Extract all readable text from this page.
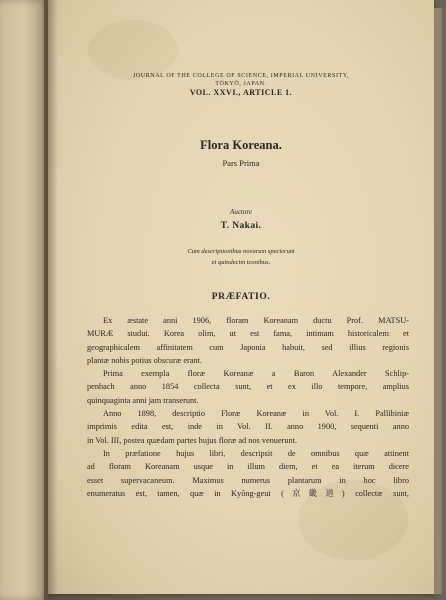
JOURNAL OF THE COLLEGE OF SCIENCE, IMPERIAL UNIVERSITY,
TŌKYŌ, JAPAN.
VOL. XXVI., ARTICLE 1.
Flora Koreana.
Pars Prima
Auctore
T. Nakai.
Cum descriptionibus novarum specierum
et quindecim iconibus.
PRÆFATIO.
Ex æstate anni 1906, floram Koreanam ductu Prof. MATSU-
MURÆ studui. Korea olim, ut est fama, intimam historicalem et
geographicalem affinitatem cum Japonia habuit, sed illius regionis
plantæ nobis potius obscuræ erant.
Prima exempla floræ Koreanæ a Baron Alexander Schlip-
penbach anno 1854 collecta sunt, et ex illo tempore, amplius
quinquaginta anni jam transerunt.
Anno 1898, descriptio Floræ Koreanæ in Vol. I. Pallibiniæ
imprimis edita est, inde in Vol. II. anno 1900, sequenti anno
in Vol. III, postea quædam partes hujus floræ ad nos venuerunt.
In præfatione hujus libri, descripsit de omnibus quæ attinent
ad floram Koreanam usque in illum diem, et ea iterum dicere
esset supervacaneum. Maximus numerus plantarum in hoc libro
enumeratus est, tamen, quæ in Kyōng-geui (京畿道) collectæ sunt,
